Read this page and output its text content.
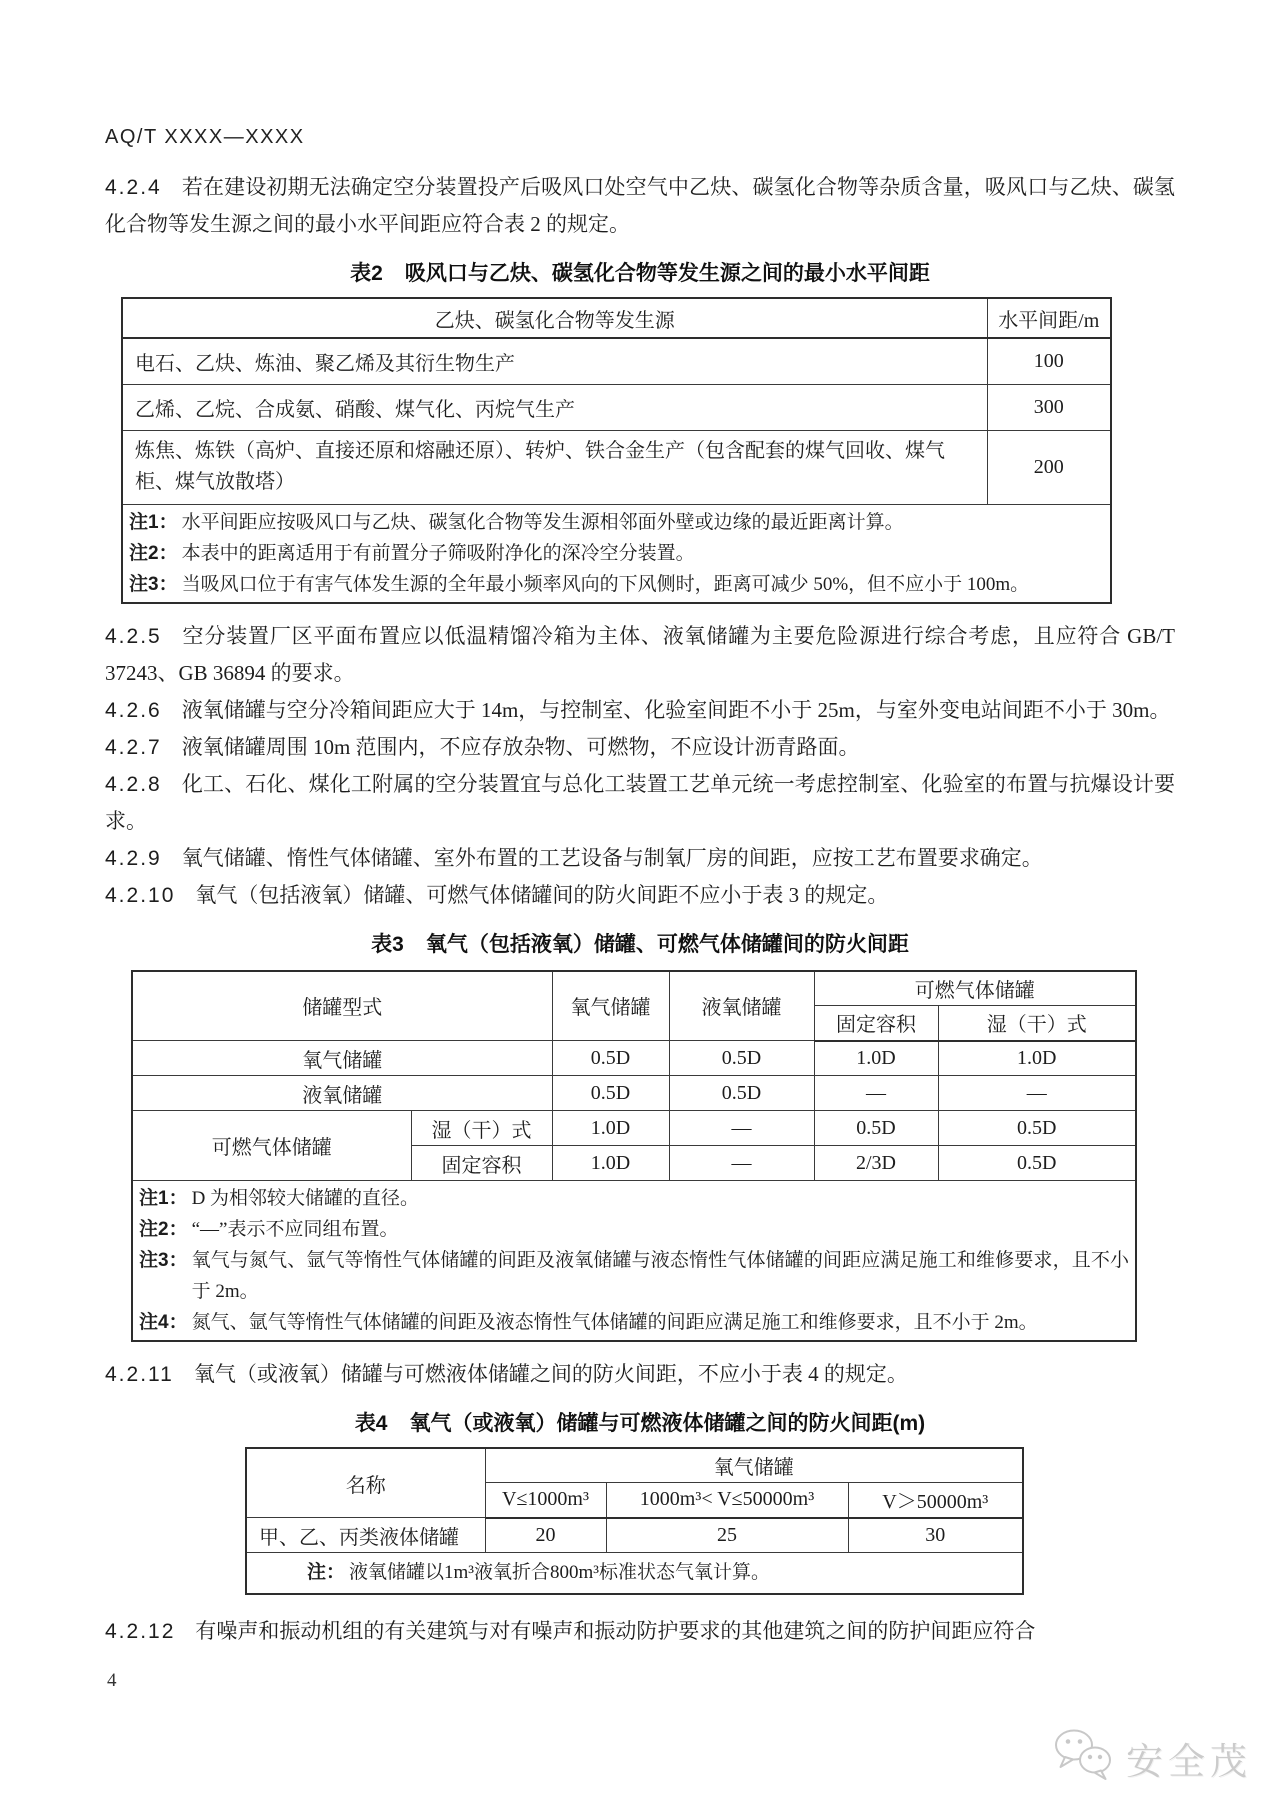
AQ/T XXXX—XXXX

4.2.4 若在建设初期无法确定空分装置投产后吸风口处空气中乙炔、碳氢化合物等杂质含量，吸风口与乙炔、碳氢化合物等发生源之间的最小水平间距应符合表 2 的规定。

表2 吸风口与乙炔、碳氢化合物等发生源之间的最小水平间距
乙炔、碳氢化合物等发生源	水平间距/m
电石、乙炔、炼油、聚乙烯及其衍生物生产	100
乙烯、乙烷、合成氨、硝酸、煤气化、丙烷气生产	300
炼焦、炼铁（高炉、直接还原和熔融还原）、转炉、铁合金生产（包含配套的煤气回收、煤气柜、煤气放散塔）	200

注1： 水平间距应按吸风口与乙炔、碳氢化合物等发生源相邻面外壁或边缘的最近距离计算。
注2： 本表中的距离适用于有前置分子筛吸附净化的深冷空分装置。
注3： 当吸风口位于有害气体发生源的全年最小频率风向的下风侧时，距离可减少 50%，但不应小于 100m。

4.2.5 空分装置厂区平面布置应以低温精馏冷箱为主体、液氧储罐为主要危险源进行综合考虑，且应符合 GB/T 37243、GB 36894 的要求。

4.2.6 液氧储罐与空分冷箱间距应大于 14m，与控制室、化验室间距不小于 25m，与室外变电站间距不小于 30m。

4.2.7 液氧储罐周围 10m 范围内，不应存放杂物、可燃物，不应设计沥青路面。

4.2.8 化工、石化、煤化工附属的空分装置宜与总化工装置工艺单元统一考虑控制室、化验室的布置与抗爆设计要求。

4.2.9 氧气储罐、惰性气体储罐、室外布置的工艺设备与制氧厂房的间距，应按工艺布置要求确定。

4.2.10 氧气（包括液氧）储罐、可燃气体储罐间的防火间距不应小于表 3 的规定。

表3 氧气（包括液氧）储罐、可燃气体储罐间的防火间距
储罐型式		氧气储罐	液氧储罐	可燃气体储罐	
				固定容积	湿（干）式
氧气储罐		0.5D	0.5D	1.0D	1.0D
液氧储罐		0.5D	0.5D	—	—
可燃气体储罐	湿（干）式	1.0D	—	0.5D	0.5D
	固定容积	1.0D	—	2/3D	0.5D

注1： D 为相邻较大储罐的直径。
注2： “—”表示不应同组布置。
注3： 氧气与氮气、氩气等惰性气体储罐的间距及液氧储罐与液态惰性气体储罐的间距应满足施工和维修要求，且不小于 2m。
注4： 氮气、氩气等惰性气体储罐的间距及液态惰性气体储罐的间距应满足施工和维修要求，且不小于 2m。

4.2.11 氧气（或液氧）储罐与可燃液体储罐之间的防火间距，不应小于表 4 的规定。

表4 氧气（或液氧）储罐与可燃液体储罐之间的防火间距(m)
名称	氧气储罐		
	V≤1000m³	1000m³< V≤50000m³	V＞50000m³
甲、乙、丙类液体储罐	20	25	30

注： 液氧储罐以1m³液氧折合800m³标准状态气氧计算。			

4.2.12 有噪声和振动机组的有关建筑与对有噪声和振动防护要求的其他建筑之间的防护间距应符合

4
安全茂
